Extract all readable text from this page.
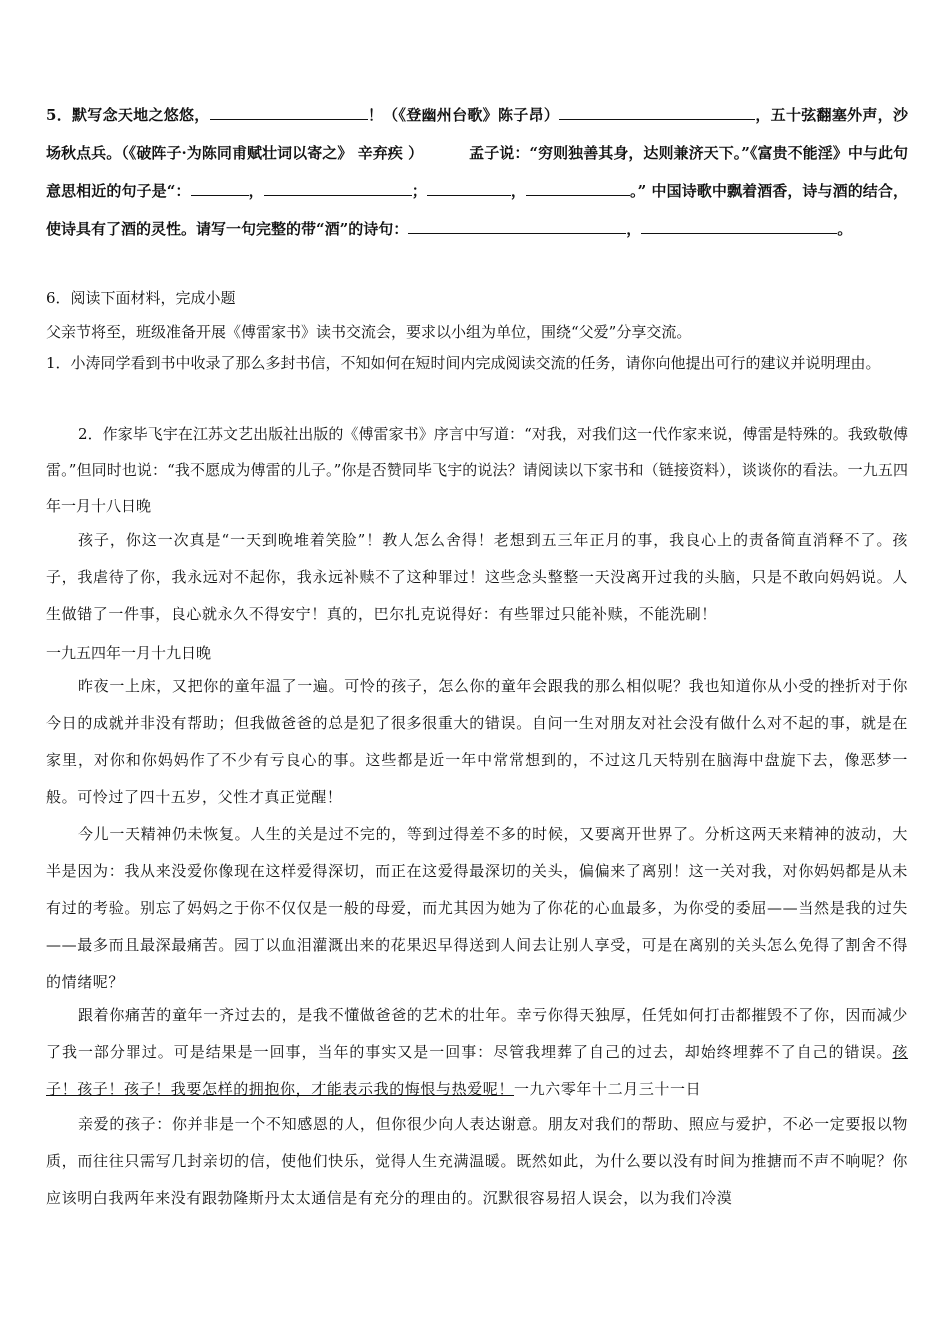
5．默写念天地之悠悠，	！（《登幽州台歌》陈子昂）	，五十弦翻塞外声，沙场秋点兵。（《破阵子·为陈同甫赋壮词以寄之》 辛弃疾 ）	孟子说：“穷则独善其身，达则兼济天下。”《富贵不能淫》中与此句意思相近的句子是“：	，	；	，	。” 中国诗歌中飘着酒香，诗与酒的结合，使诗具有了酒的灵性。请写一句完整的带“酒”的诗句：	，	。
6．阅读下面材料，完成小题
父亲节将至，班级准备开展《傅雷家书》读书交流会，要求以小组为单位，围绕“父爱”分享交流。
1．小涛同学看到书中收录了那么多封书信，不知如何在短时间内完成阅读交流的任务，请你向他提出可行的建议并说明理由。
2．作家毕飞宇在江苏文艺出版社出版的《傅雷家书》序言中写道：“对我，对我们这一代作家来说，傅雷是特殊的。我致敬傅雷。”但同时也说：“我不愿成为傅雷的儿子。”你是否赞同毕飞宇的说法？请阅读以下家书和（链接资料），谈谈你的看法。一九五四年一月十八日晚
孩子，你这一次真是“一天到晚堆着笑脸”！教人怎么舍得！老想到五三年正月的事，我良心上的责备简直消释不了。孩子，我虐待了你，我永远对不起你，我永远补赎不了这种罪过！这些念头整整一天没离开过我的头脑，只是不敢向妈妈说。人生做错了一件事，良心就永久不得安宁！真的，巴尔扎克说得好：有些罪过只能补赎，不能洗刷！
一九五四年一月十九日晚
昨夜一上床，又把你的童年温了一遍。可怜的孩子，怎么你的童年会跟我的那么相似呢？我也知道你从小受的挫折对于你今日的成就并非没有帮助；但我做爸爸的总是犯了很多很重大的错误。自问一生对朋友对社会没有做什么对不起的事，就是在家里，对你和你妈妈作了不少有亏良心的事。这些都是近一年中常常想到的，不过这几天特别在脑海中盘旋下去，像恶梦一般。可怜过了四十五岁，父性才真正觉醒！
今儿一天精神仍未恢复。人生的关是过不完的，等到过得差不多的时候，又要离开世界了。分析这两天来精神的波动，大半是因为：我从来没爱你像现在这样爱得深切，而正在这爱得最深切的关头，偏偏来了离别！这一关对我，对你妈妈都是从未有过的考验。别忘了妈妈之于你不仅仅是一般的母爱，而尤其因为她为了你花的心血最多，为你受的委屈——当然是我的过失——最多而且最深最痛苦。园丁以血泪灌溉出来的花果迟早得送到人间去让别人享受，可是在离别的关头怎么免得了割舍不得的情绪呢？
跟着你痛苦的童年一齐过去的，是我不懂做爸爸的艺术的壮年。幸亏你得天独厚，任凭如何打击都摧毁不了你，因而减少了我一部分罪过。可是结果是一回事，当年的事实又是一回事：尽管我埋葬了自己的过去，却始终埋葬不了自己的错误。孩子！孩子！孩子！我要怎样的拥抱你，才能表示我的悔恨与热爱呢！一九六零年十二月三十一日
亲爱的孩子：你并非是一个不知感恩的人，但你很少向人表达谢意。朋友对我们的帮助、照应与爱护，不必一定要报以物质，而往往只需写几封亲切的信，使他们快乐，觉得人生充满温暖。既然如此，为什么要以没有时间为推搪而不声不响呢？你应该明白我两年来没有跟勃隆斯丹太太通信是有充分的理由的。沉默很容易招人误会，以为我们冷漠
